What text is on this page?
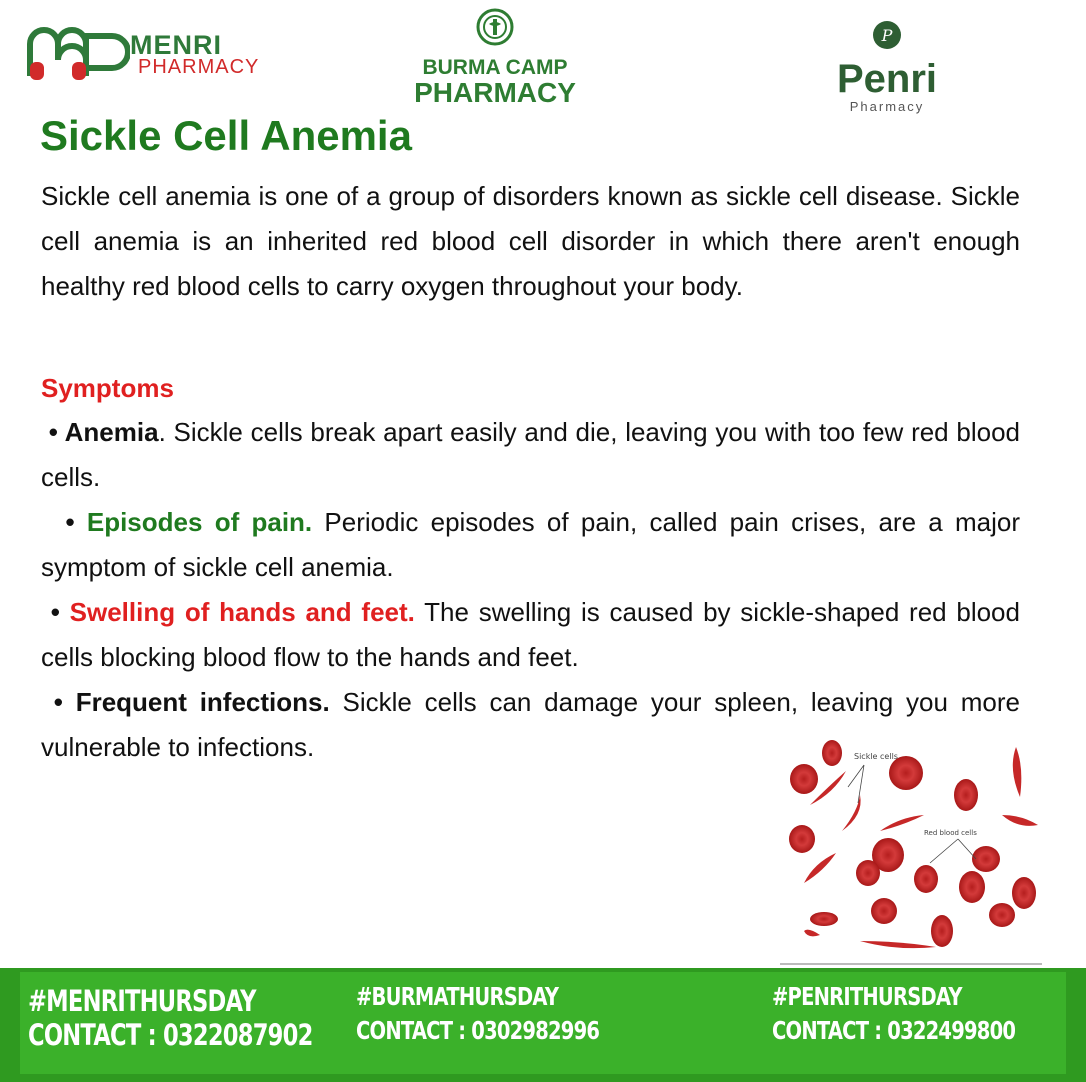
MENRI
PHARMACY	BURMA CAMP
PHARMACY
P
Penri
Pharmacy
Sickle Cell Anemia
Sickle cell anemia is one of a group of disorders known as sickle cell disease. Sickle cell anemia is an inherited red blood cell disorder in which there aren't enough healthy red blood cells to carry oxygen throughout your body.
Symptoms
• Anemia. Sickle cells break apart easily and die, leaving you with too few red blood cells.
• Episodes of pain. Periodic episodes of pain, called pain crises, are a major symptom of sickle cell anemia.
• Swelling of hands and feet. The swelling is caused by sickle-shaped red blood cells blocking blood flow to the hands and feet.
• Frequent infections. Sickle cells can damage your spleen, leaving you more vulnerable to infections.	Sickle cells
Red blood cells
#MENRITHURSDAY
CONTACT : 0322087902
#BURMATHURSDAY
CONTACT : 0302982996
#PENRITHURSDAY
CONTACT : 0322499800
